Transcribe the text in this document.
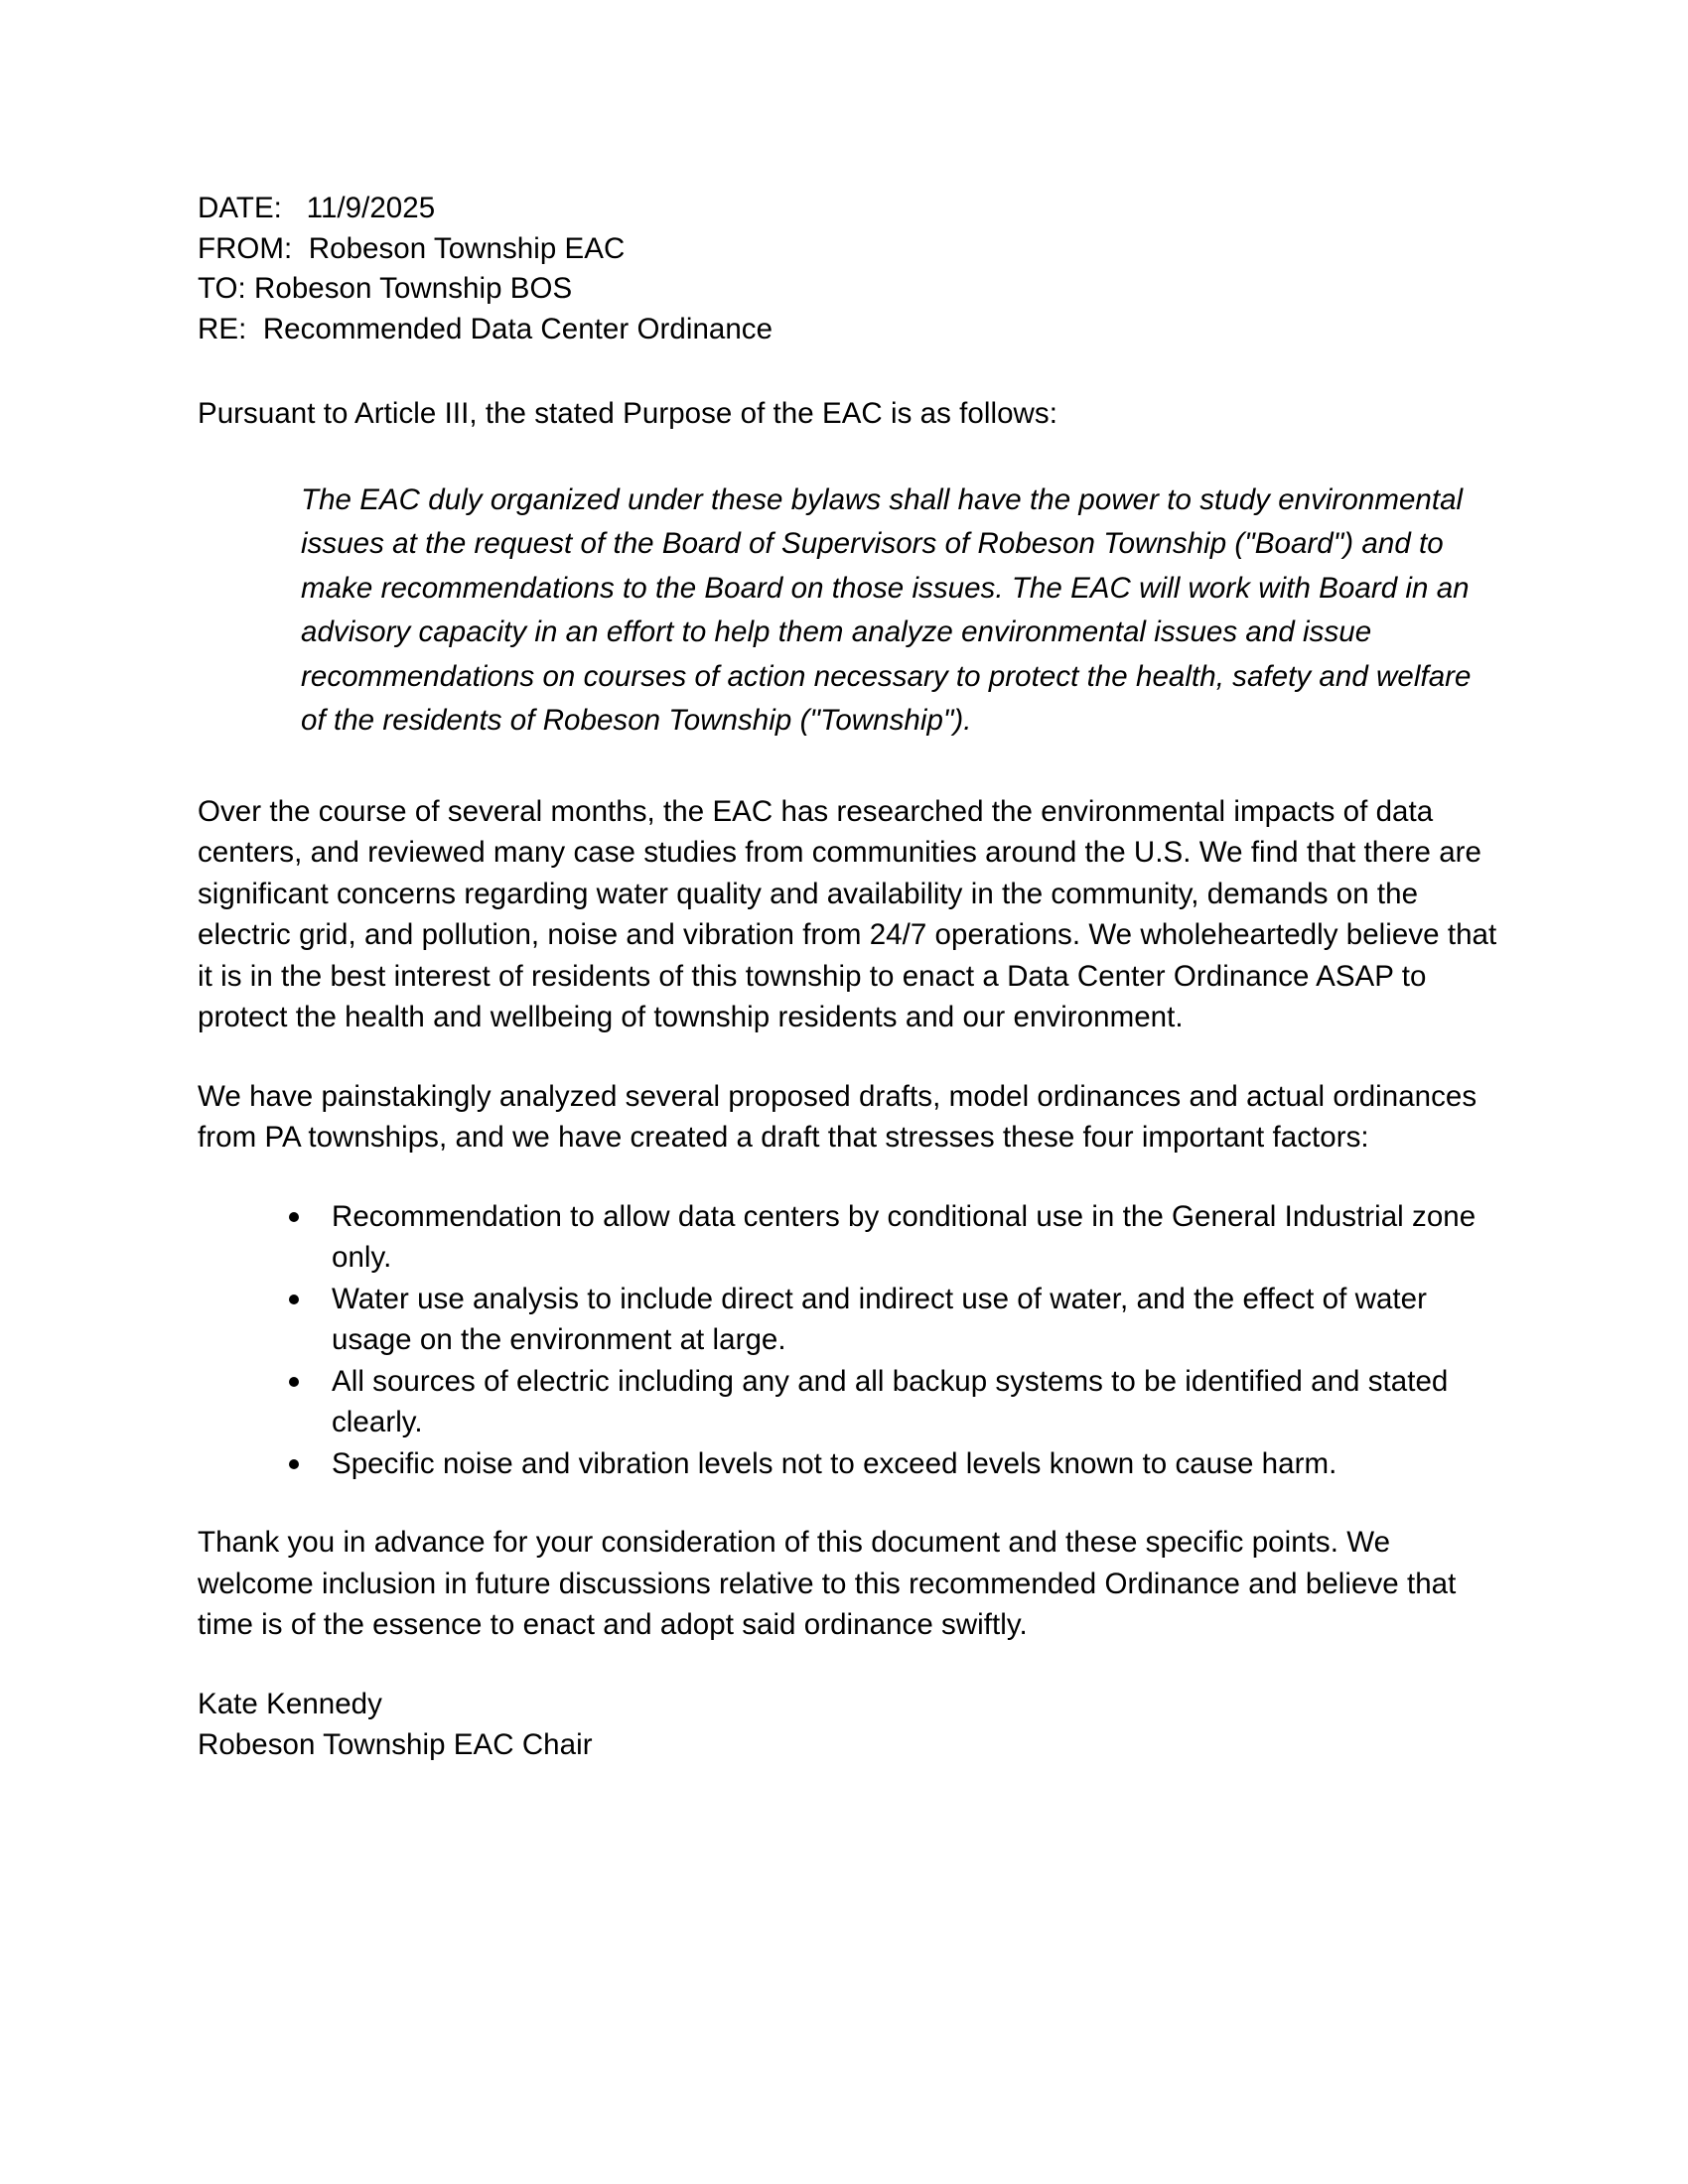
DATE:   11/9/2025
FROM:  Robeson Township EAC
TO: Robeson Township BOS
RE:  Recommended Data Center Ordinance
Pursuant to Article III, the stated Purpose of the EAC is as follows:
The EAC duly organized under these bylaws shall have the power to study environmental issues at the request of the Board of Supervisors of Robeson Township ("Board") and to make recommendations to the Board on those issues. The EAC will work with Board in an advisory capacity in an effort to help them analyze environmental issues and issue recommendations on courses of action necessary to protect the health, safety and welfare of the residents of Robeson Township ("Township").
Over the course of several months, the EAC has researched the environmental impacts of data centers, and reviewed many case studies from communities around the U.S. We find that there are significant concerns regarding water quality and availability in the community, demands on the electric grid, and pollution, noise and vibration from 24/7 operations. We wholeheartedly believe that it is in the best interest of residents of this township to enact a Data Center Ordinance ASAP to protect the health and wellbeing of township residents and our environment.
We have painstakingly analyzed several proposed drafts, model ordinances and actual ordinances from PA townships, and we have created a draft that stresses these four important factors:
Recommendation to allow data centers by conditional use in the General Industrial zone only.
Water use analysis to include direct and indirect use of water, and the effect of water usage on the environment at large.
All sources of electric including any and all backup systems to be identified and stated clearly.
Specific noise and vibration levels not to exceed levels known to cause harm.
Thank you in advance for your consideration of this document and these specific points. We welcome inclusion in future discussions relative to this recommended Ordinance and believe that time is of the essence to enact and adopt said ordinance swiftly.
Kate Kennedy
Robeson Township EAC Chair
